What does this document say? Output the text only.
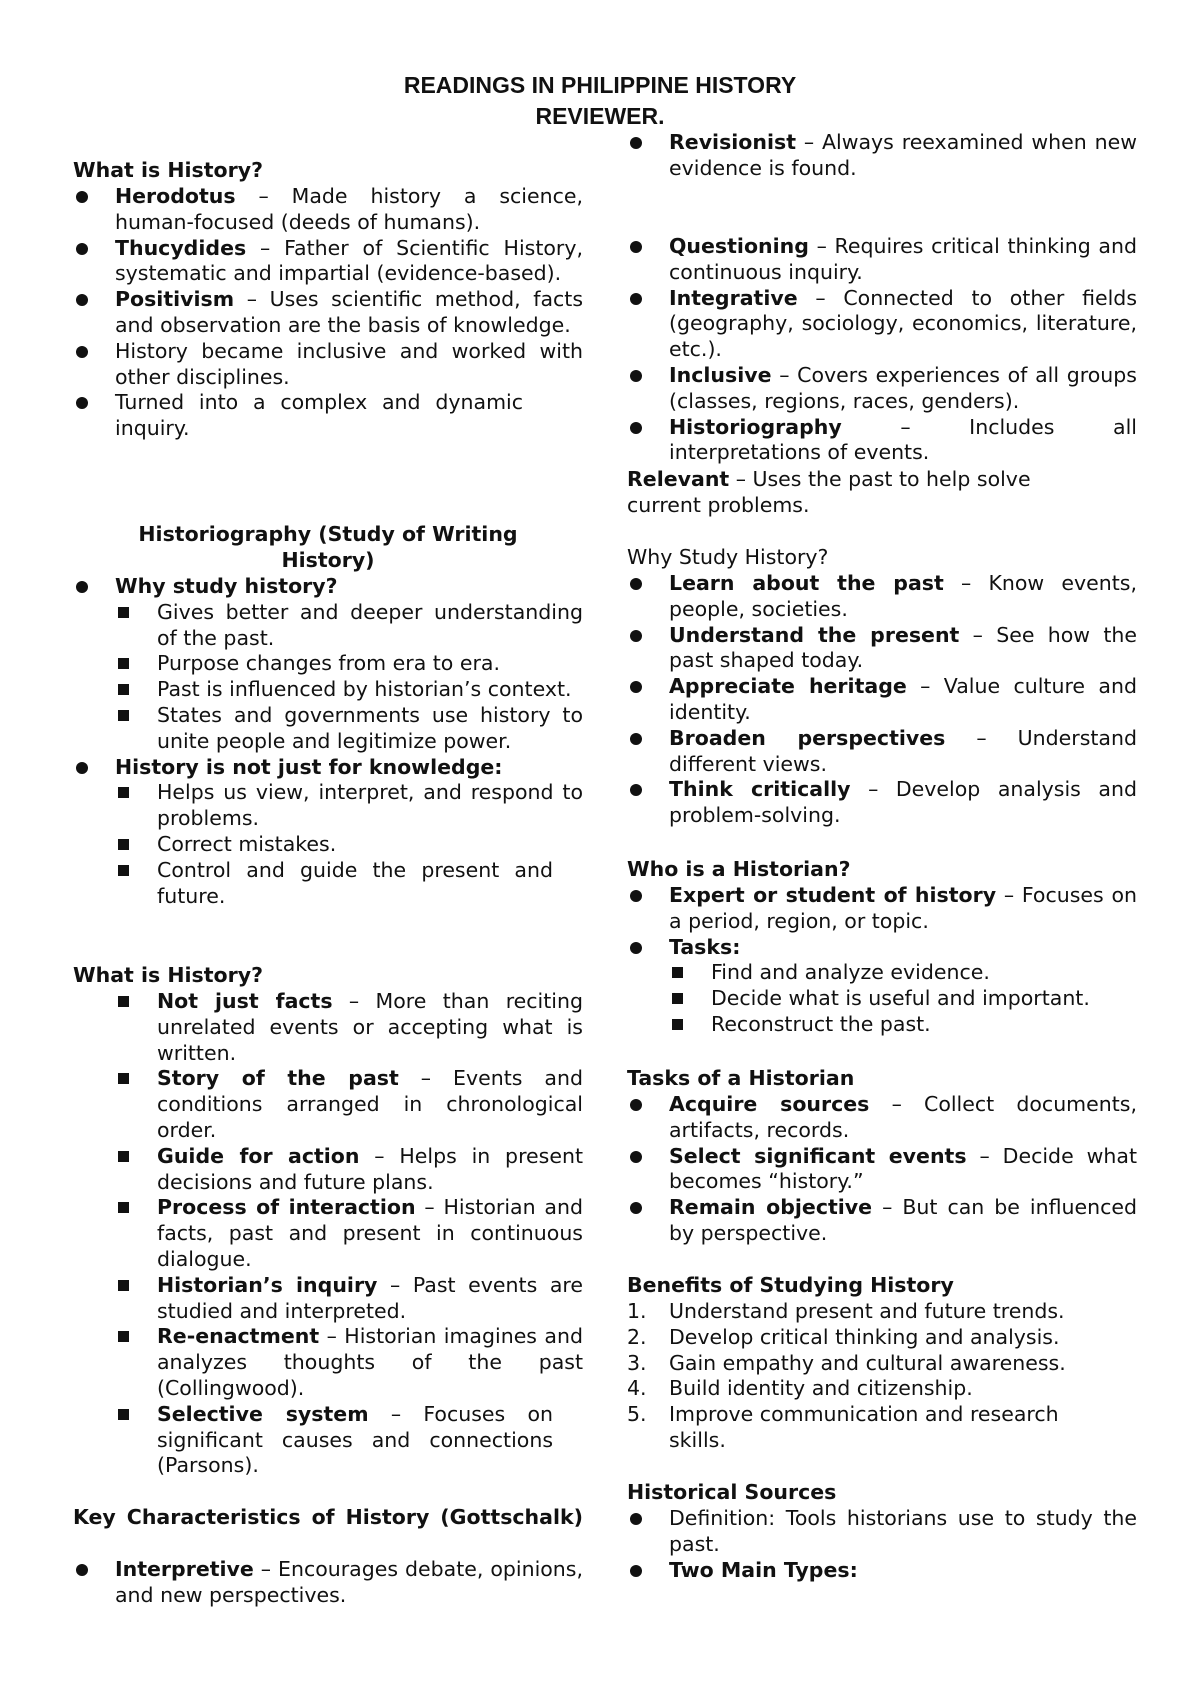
READINGS IN PHILIPPINE HISTORY
REVIEWER.
What is History?
Herodotus – Made history a science, human-focused (deeds of humans).
Thucydides – Father of Scientific History, systematic and impartial (evidence-based).
Positivism – Uses scientific method, facts and observation are the basis of knowledge.
History became inclusive and worked with other disciplines.
Turned into a complex and dynamic inquiry.
Historiography (Study of Writing History)
Why study history?
Gives better and deeper understanding of the past.
Purpose changes from era to era.
Past is influenced by historian’s context.
States and governments use history to unite people and legitimize power.
History is not just for knowledge:
Helps us view, interpret, and respond to problems.
Correct mistakes.
Control and guide the present and future.
What is History?
Not just facts – More than reciting unrelated events or accepting what is written.
Story of the past – Events and conditions arranged in chronological order.
Guide for action – Helps in present decisions and future plans.
Process of interaction – Historian and facts, past and present in continuous dialogue.
Historian’s inquiry – Past events are studied and interpreted.
Re-enactment – Historian imagines and analyzes thoughts of the past (Collingwood).
Selective system – Focuses on significant causes and connections (Parsons).
Key Characteristics of History (Gottschalk)
Interpretive – Encourages debate, opinions, and new perspectives.
Revisionist – Always reexamined when new evidence is found.
Questioning – Requires critical thinking and continuous inquiry.
Integrative – Connected to other fields (geography, sociology, economics, literature, etc.).
Inclusive – Covers experiences of all groups (classes, regions, races, genders).
Historiography – Includes all interpretations of events.
Relevant – Uses the past to help solve current problems.
Why Study History?
Learn about the past – Know events, people, societies.
Understand the present – See how the past shaped today.
Appreciate heritage – Value culture and identity.
Broaden perspectives – Understand different views.
Think critically – Develop analysis and problem-solving.
Who is a Historian?
Expert or student of history – Focuses on a period, region, or topic.
Tasks:
Find and analyze evidence.
Decide what is useful and important.
Reconstruct the past.
Tasks of a Historian
Acquire sources – Collect documents, artifacts, records.
Select significant events – Decide what becomes “history.”
Remain objective – But can be influenced by perspective.
Benefits of Studying History
1. Understand present and future trends.
2. Develop critical thinking and analysis.
3. Gain empathy and cultural awareness.
4. Build identity and citizenship.
5. Improve communication and research skills.
Historical Sources
Definition: Tools historians use to study the past.
Two Main Types:
